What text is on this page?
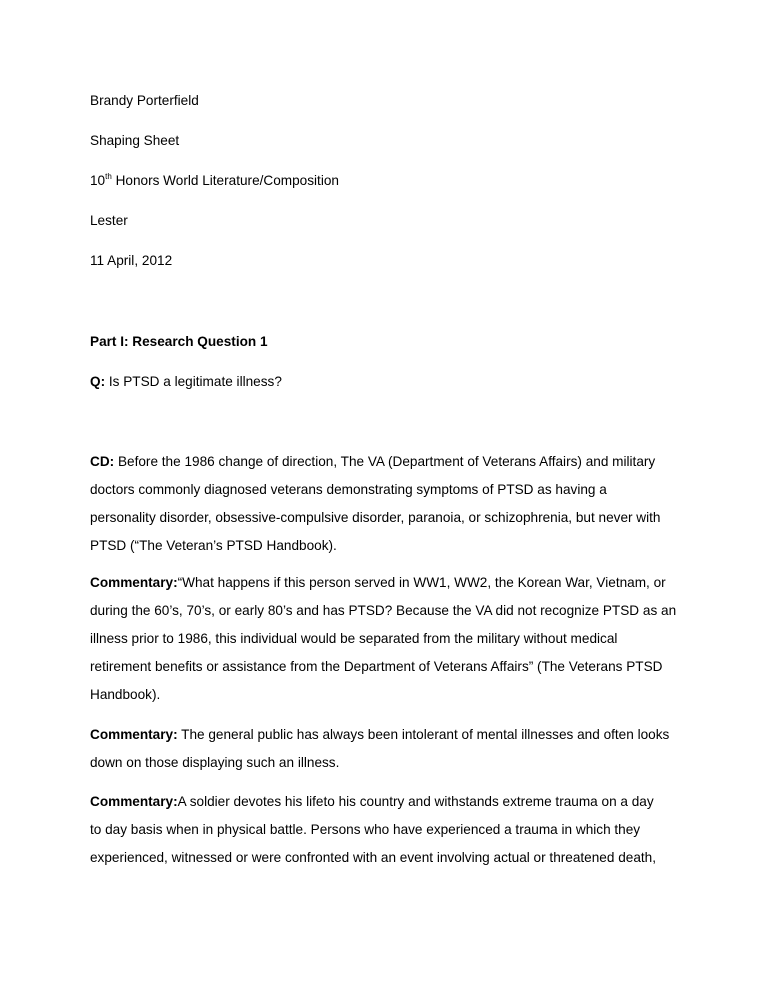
Brandy Porterfield
Shaping Sheet
10th Honors World Literature/Composition
Lester
11 April, 2012
Part I: Research Question 1
Q: Is PTSD a legitimate illness?
CD: Before the 1986 change of direction, The VA (Department of Veterans Affairs) and military
doctors commonly diagnosed veterans demonstrating symptoms of PTSD as having a
personality disorder, obsessive-compulsive disorder, paranoia, or schizophrenia, but never with
PTSD (“The Veteran’s PTSD Handbook).
Commentary:“What happens if this person served in WW1, WW2, the Korean War, Vietnam, or
during the 60’s, 70’s, or early 80’s and has PTSD? Because the VA did not recognize PTSD as an
illness prior to 1986, this individual would be separated from the military without medical
retirement benefits or assistance from the Department of Veterans Affairs” (The Veterans PTSD
Handbook).
Commentary: The general public has always been intolerant of mental illnesses and often looks
down on those displaying such an illness.
Commentary:A soldier devotes his lifeto his country and withstands extreme trauma on a day
to day basis when in physical battle. Persons who have experienced a trauma in which they
experienced, witnessed or were confronted with an event involving actual or threatened death,
